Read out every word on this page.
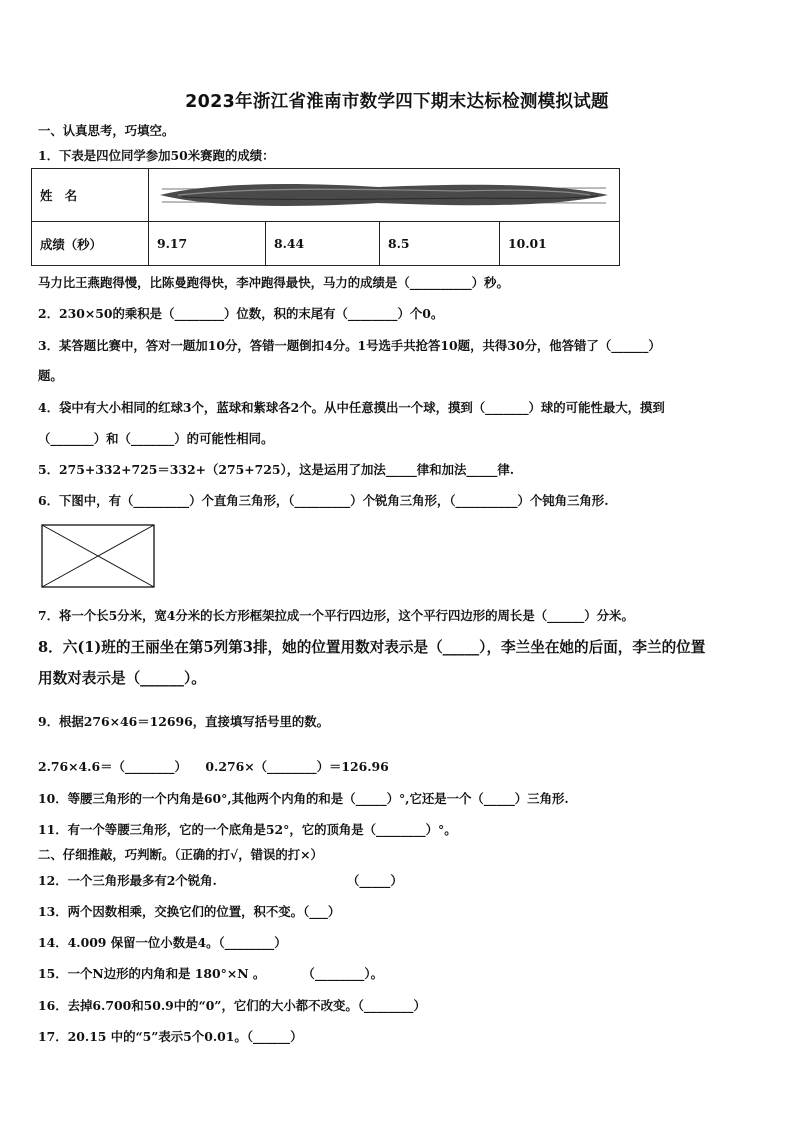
2023年浙江省淮南市数学四下期末达标检测模拟试题
一、认真思考，巧填空。
1．下表是四位同学参加50米赛跑的成绩：
姓　名	

成绩（秒）	9.17	8.44	8.5	10.01
马力比王燕跑得慢，比陈曼跑得快，李冲跑得最快，马力的成绩是（__________）秒。
2．230×50的乘积是（________）位数，积的末尾有（________）个0。
3．某答题比赛中，答对一题加10分，答错一题倒扣4分。1号选手共抢答10题，共得30分，他答错了（______）
题。
4．袋中有大小相同的红球3个，蓝球和紫球各2个。从中任意摸出一个球，摸到（_______）球的可能性最大，摸到
（_______）和（_______）的可能性相同。
5．275+332+725＝332+（275+725），这是运用了加法_____律和加法_____律.
6．下图中，有（_________）个直角三角形，（_________）个锐角三角形，（__________）个钝角三角形.
7．将一个长5分米，宽4分米的长方形框架拉成一个平行四边形，这个平行四边形的周长是（______）分米。
8．六(1)班的王丽坐在第5列第3排，她的位置用数对表示是（_____），李兰坐在她的后面，李兰的位置
用数对表示是（______）。
9．根据276×46＝12696，直接填写括号里的数。
2.76×4.6＝（________）　　0.276×（________）＝126.96
10．等腰三角形的一个内角是60°,其他两个内角的和是（_____）°,它还是一个（_____）三角形.
11．有一个等腰三角形，它的一个底角是52°，它的顶角是（________）°。
二、仔细推敲，巧判断。（正确的打√，错误的打×）
12．一个三角形最多有2个锐角.　　　　　　　　　　　（_____）
13．两个因数相乘，交换它们的位置，积不变。（___）
14．4.009 保留一位小数是4。（________）
15．一个N边形的内角和是 180°×N 。　　　　（________）。
16．去掉6.700和50.9中的“0”，它们的大小都不改变。（________）
17．20.15 中的“5”表示5个0.01。（______）
